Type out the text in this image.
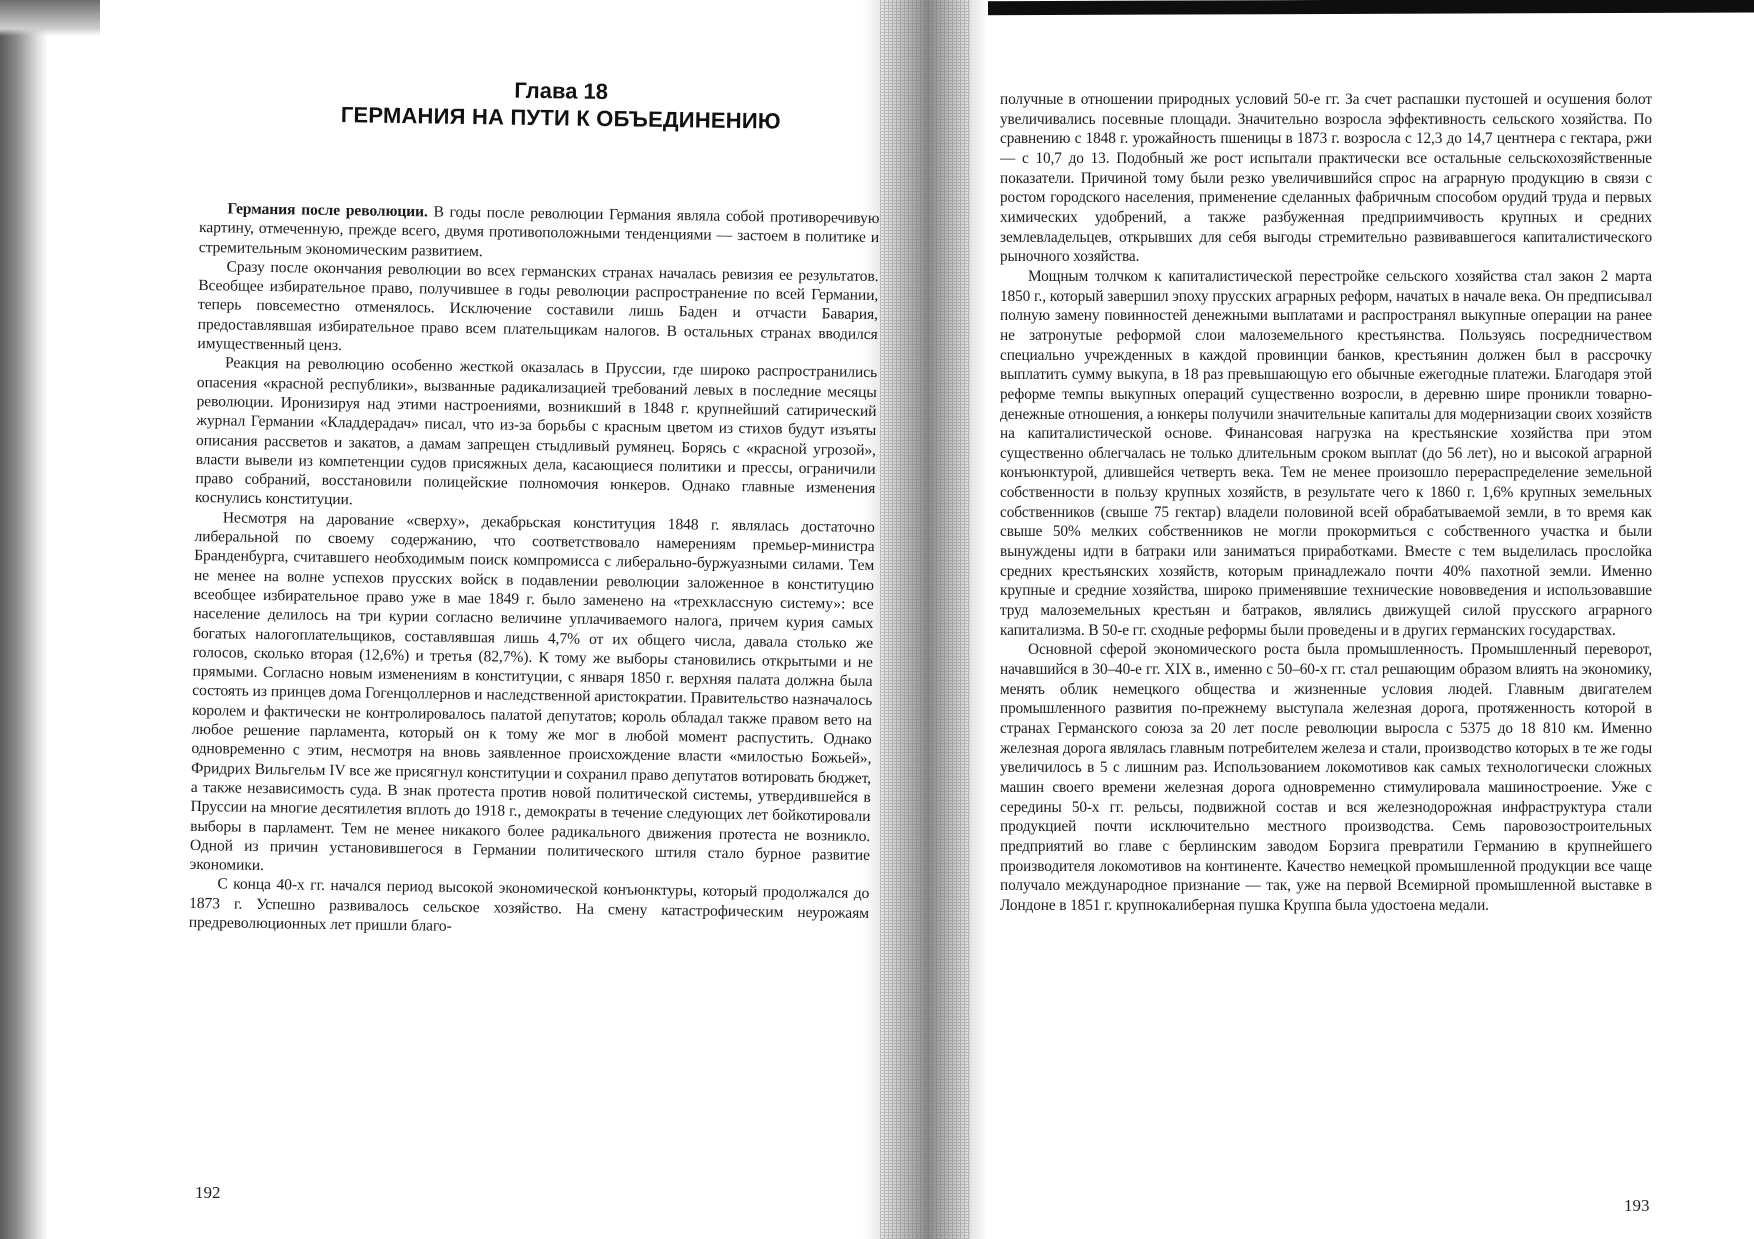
Глава 18
ГЕРМАНИЯ НА ПУТИ К ОБЪЕДИНЕНИЮ

Германия после революции. В годы после революции Германия являла собой противоречивую картину, отмеченную, прежде всего, двумя противоположными тенденциями — застоем в политике и стремительным экономическим развитием.

Сразу после окончания революции во всех германских странах началась ревизия ее результатов. Всеобщее избирательное право, получившее в годы революции распространение по всей Германии, теперь повсеместно отменялось. Исключение составили лишь Баден и отчасти Бавария, предоставлявшая избирательное право всем плательщикам налогов. В остальных странах вводился имущественный ценз.

Реакция на революцию особенно жесткой оказалась в Пруссии, где широко распространились опасения «красной республики», вызванные радикализацией требований левых в последние месяцы революции. Иронизируя над этими настроениями, возникший в 1848 г. крупнейший сатирический журнал Германии «Кладдерадач» писал, что из-за борьбы с красным цветом из стихов будут изъяты описания рассветов и закатов, а дамам запрещен стыдливый румянец. Борясь с «красной угрозой», власти вывели из компетенции судов присяжных дела, касающиеся политики и прессы, ограничили право собраний, восстановили полицейские полномочия юнкеров. Однако главные изменения коснулись конституции.

Несмотря на дарование «сверху», декабрьская конституция 1848 г. являлась достаточно либеральной по своему содержанию, что соответствовало намерениям премьер-министра Бранденбурга, считавшего необходимым поиск компромисса с либерально-буржуазными силами. Тем не менее на волне успехов прусских войск в подавлении революции заложенное в конституцию всеобщее избирательное право уже в мае 1849 г. было заменено на «трехклассную систему»: все население делилось на три курии согласно величине уплачиваемого налога, причем курия самых богатых налогоплательщиков, составлявшая лишь 4,7% от их общего числа, давала столько же голосов, сколько вторая (12,6%) и третья (82,7%). К тому же выборы становились открытыми и не прямыми. Согласно новым изменениям в конституции, с января 1850 г. верхняя палата должна была состоять из принцев дома Гогенцоллернов и наследственной аристократии. Правительство назначалось королем и фактически не контролировалось палатой депутатов; король обладал также правом вето на любое решение парламента, который он к тому же мог в любой момент распустить. Однако одновременно с этим, несмотря на вновь заявленное происхождение власти «милостью Божьей», Фридрих Вильгельм IV все же присягнул конституции и сохранил право депутатов вотировать бюджет, а также независимость суда. В знак протеста против новой политической системы, утвердившейся в Пруссии на многие десятилетия вплоть до 1918 г., демократы в течение следующих лет бойкотировали выборы в парламент. Тем не менее никакого более радикального движения протеста не возникло. Одной из причин установившегося в Германии политического штиля стало бурное развитие экономики.

С конца 40-х гг. начался период высокой экономической конъюнктуры, который продолжался до 1873 г. Успешно развивалось сельское хозяйство. На смену катастрофическим неурожаям предреволюционных лет пришли благо-

192

получные в отношении природных условий 50-е гг. За счет распашки пустошей и осушения болот увеличивались посевные площади. Значительно возросла эффективность сельского хозяйства. По сравнению с 1848 г. урожайность пшеницы в 1873 г. возросла с 12,3 до 14,7 центнера с гектара, ржи — с 10,7 до 13. Подобный же рост испытали практически все остальные сельскохозяйственные показатели. Причиной тому были резко увеличившийся спрос на аграрную продукцию в связи с ростом городского населения, применение сделанных фабричным способом орудий труда и первых химических удобрений, а также разбуженная предприимчивость крупных и средних землевладельцев, открывших для себя выгоды стремительно развивавшегося капиталистического рыночного хозяйства.

Мощным толчком к капиталистической перестройке сельского хозяйства стал закон 2 марта 1850 г., который завершил эпоху прусских аграрных реформ, начатых в начале века. Он предписывал полную замену повинностей денежными выплатами и распространял выкупные операции на ранее не затронутые реформой слои малоземельного крестьянства. Пользуясь посредничеством специально учрежденных в каждой провинции банков, крестьянин должен был в рассрочку выплатить сумму выкупа, в 18 раз превышающую его обычные ежегодные платежи. Благодаря этой реформе темпы выкупных операций существенно возросли, в деревню шире проникли товарно-денежные отношения, а юнкеры получили значительные капиталы для модернизации своих хозяйств на капиталистической основе. Финансовая нагрузка на крестьянские хозяйства при этом существенно облегчалась не только длительным сроком выплат (до 56 лет), но и высокой аграрной конъюнктурой, длившейся четверть века. Тем не менее произошло перераспределение земельной собственности в пользу крупных хозяйств, в результате чего к 1860 г. 1,6% крупных земельных собственников (свыше 75 гектар) владели половиной всей обрабатываемой земли, в то время как свыше 50% мелких собственников не могли прокормиться с собственного участка и были вынуждены идти в батраки или заниматься приработками. Вместе с тем выделилась прослойка средних крестьянских хозяйств, которым принадлежало почти 40% пахотной земли. Именно крупные и средние хозяйства, широко применявшие технические нововведения и использовавшие труд малоземельных крестьян и батраков, являлись движущей силой прусского аграрного капитализма. В 50-е гг. сходные реформы были проведены и в других германских государствах.

Основной сферой экономического роста была промышленность. Промышленный переворот, начавшийся в 30–40-е гг. XIX в., именно с 50–60-х гг. стал решающим образом влиять на экономику, менять облик немецкого общества и жизненные условия людей. Главным двигателем промышленного развития по-прежнему выступала железная дорога, протяженность которой в странах Германского союза за 20 лет после революции выросла с 5375 до 18 810 км. Именно железная дорога являлась главным потребителем железа и стали, производство которых в те же годы увеличилось в 5 с лишним раз. Использованием локомотивов как самых технологически сложных машин своего времени железная дорога одновременно стимулировала машиностроение. Уже с середины 50-х гг. рельсы, подвижной состав и вся железнодорожная инфраструктура стали продукцией почти исключительно местного производства. Семь паровозостроительных предприятий во главе с берлинским заводом Борзига превратили Германию в крупнейшего производителя локомотивов на континенте. Качество немецкой промышленной продукции все чаще получало международное признание — так, уже на первой Всемирной промышленной выставке в Лондоне в 1851 г. крупнокалиберная пушка Круппа была удостоена медали.

193
